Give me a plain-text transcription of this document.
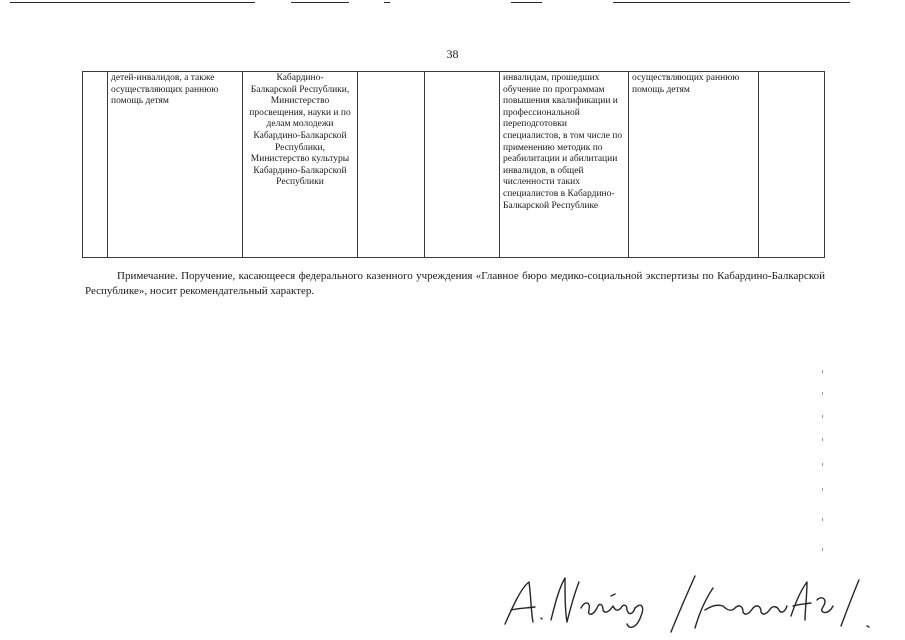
38
	детей-инвалидов, а также осуществляющих раннюю помощь детям	Кабардино-
Балкарской Республики,
Министерство просвещения, науки и по делам молодежи Кабардино-Балкарской Республики,
Министерство культуры Кабардино-Балкарской Республики			инвалидам, прошедших обучение по программам повышения квалификации и профессиональной переподготовки специалистов, в том числе по применению методик по реабилитации и абилитации инвалидов, в общей численности таких специалистов в Кабардино-Балкарской Республике	осуществляющих раннюю помощь детям	
Примечание. Поручение, касающееся федерального казенного учреждения «Главное бюро медико-социальной экспертизы по Кабардино-Балкарской Республике», носит рекомендательный характер.
